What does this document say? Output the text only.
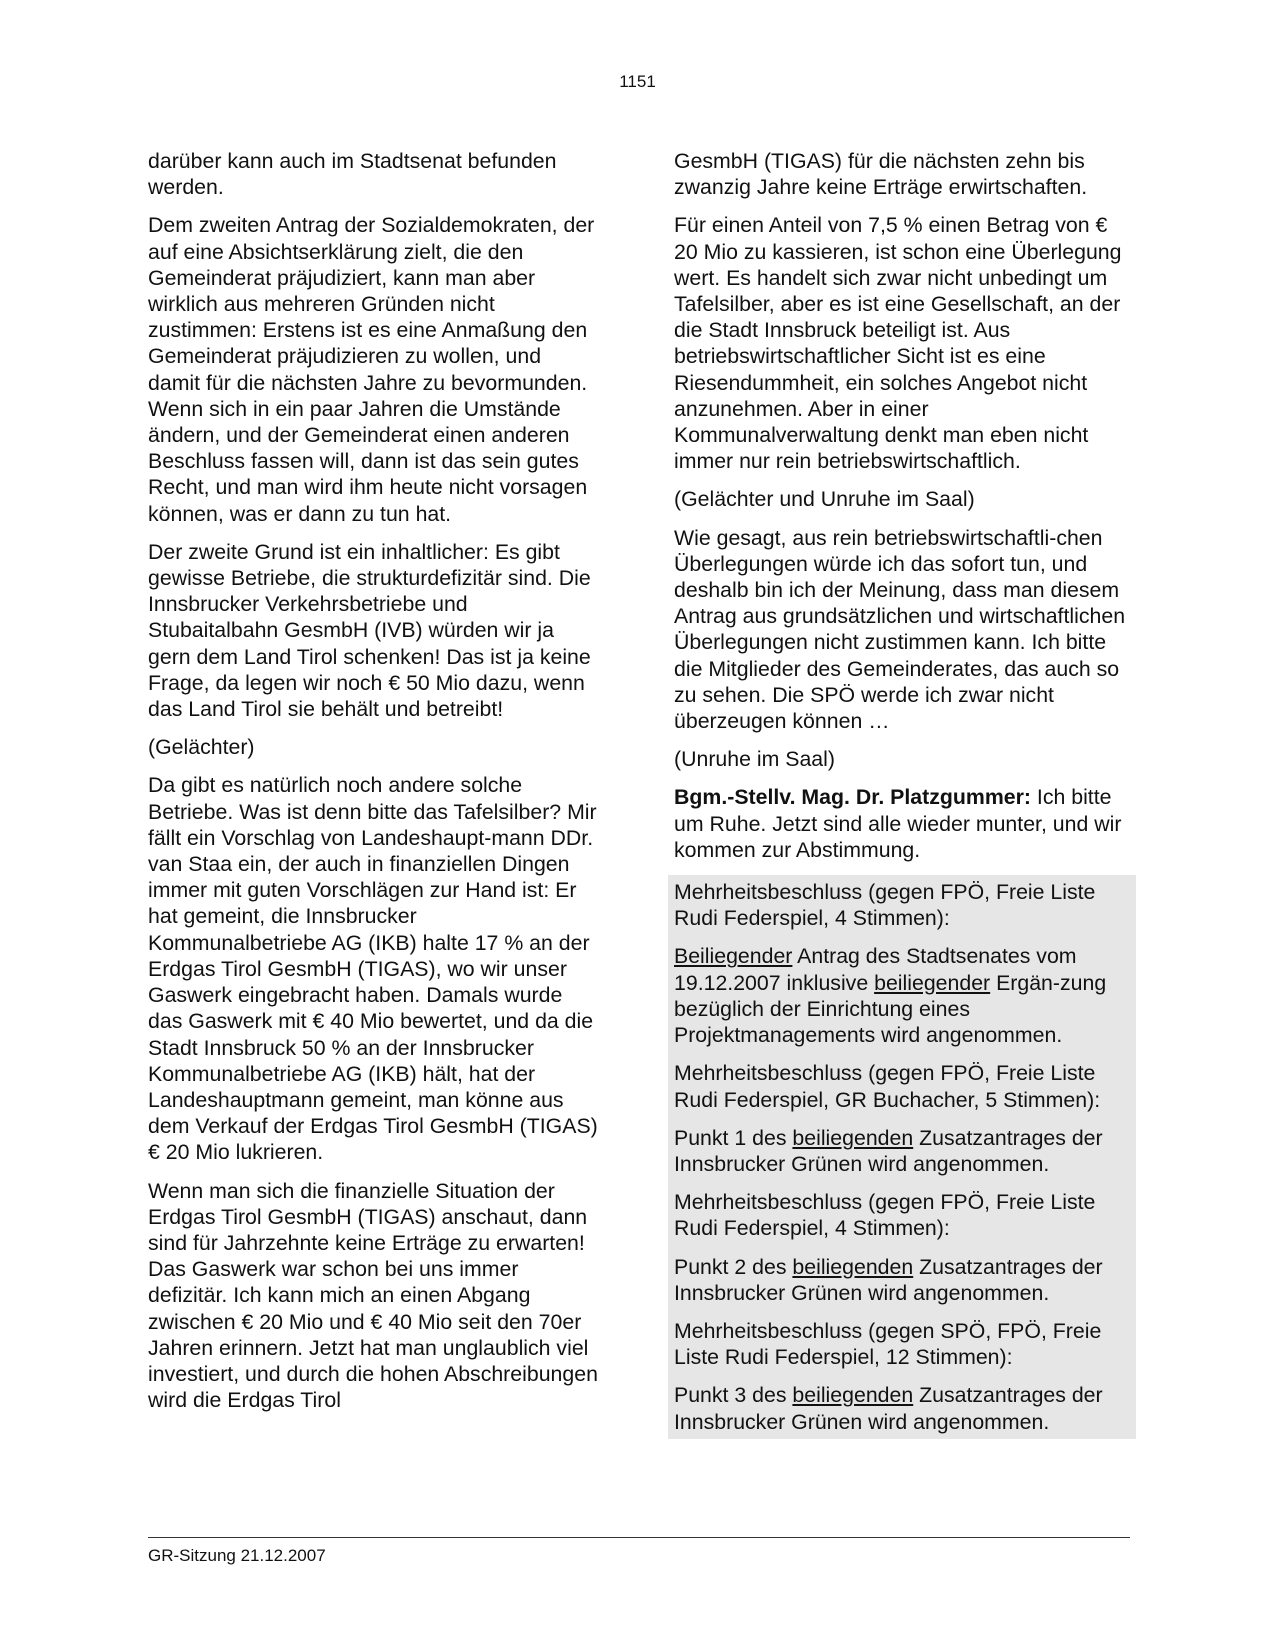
1151

darüber kann auch im Stadtsenat befunden werden.

Dem zweiten Antrag der Sozialdemokraten, der auf eine Absichtserklärung zielt, die den Gemeinderat präjudiziert, kann man aber wirklich aus mehreren Gründen nicht zustimmen: Erstens ist es eine Anmaßung den Gemeinderat präjudizieren zu wollen, und damit für die nächsten Jahre zu bevormunden. Wenn sich in ein paar Jahren die Umstände ändern, und der Gemeinderat einen anderen Beschluss fassen will, dann ist das sein gutes Recht, und man wird ihm heute nicht vorsagen können, was er dann zu tun hat.

Der zweite Grund ist ein inhaltlicher: Es gibt gewisse Betriebe, die strukturdefizitär sind. Die Innsbrucker Verkehrsbetriebe und Stubaitalbahn GesmbH (IVB) würden wir ja gern dem Land Tirol schenken! Das ist ja keine Frage, da legen wir noch € 50 Mio dazu, wenn das Land Tirol sie behält und betreibt!

(Gelächter)

Da gibt es natürlich noch andere solche Betriebe. Was ist denn bitte das Tafelsilber? Mir fällt ein Vorschlag von Landeshaupt-mann DDr. van Staa ein, der auch in finanziellen Dingen immer mit guten Vorschlägen zur Hand ist: Er hat gemeint, die Innsbrucker Kommunalbetriebe AG (IKB) halte 17 % an der Erdgas Tirol GesmbH (TIGAS), wo wir unser Gaswerk eingebracht haben. Damals wurde das Gaswerk mit € 40 Mio bewertet, und da die Stadt Innsbruck 50 % an der Innsbrucker Kommunalbetriebe AG (IKB) hält, hat der Landeshauptmann gemeint, man könne aus dem Verkauf der Erdgas Tirol GesmbH (TIGAS) € 20 Mio lukrieren.

Wenn man sich die finanzielle Situation der Erdgas Tirol GesmbH (TIGAS) anschaut, dann sind für Jahrzehnte keine Erträge zu erwarten! Das Gaswerk war schon bei uns immer defizitär. Ich kann mich an einen Abgang zwischen € 20 Mio und € 40 Mio seit den 70er Jahren erinnern. Jetzt hat man unglaublich viel investiert, und durch die hohen Abschreibungen wird die Erdgas Tirol

GesmbH (TIGAS) für die nächsten zehn bis zwanzig Jahre keine Erträge erwirtschaften.

Für einen Anteil von 7,5 % einen Betrag von € 20 Mio zu kassieren, ist schon eine Überlegung wert. Es handelt sich zwar nicht unbedingt um Tafelsilber, aber es ist eine Gesellschaft, an der die Stadt Innsbruck beteiligt ist. Aus betriebswirtschaftlicher Sicht ist es eine Riesendummheit, ein solches Angebot nicht anzunehmen. Aber in einer Kommunalverwaltung denkt man eben nicht immer nur rein betriebswirtschaftlich.

(Gelächter und Unruhe im Saal)

Wie gesagt, aus rein betriebswirtschaftli-chen Überlegungen würde ich das sofort tun, und deshalb bin ich der Meinung, dass man diesem Antrag aus grundsätzlichen und wirtschaftlichen Überlegungen nicht zustimmen kann. Ich bitte die Mitglieder des Gemeinderates, das auch so zu sehen. Die SPÖ werde ich zwar nicht überzeugen können …

(Unruhe im Saal)

Bgm.-Stellv. Mag. Dr. Platzgummer: Ich bitte um Ruhe. Jetzt sind alle wieder munter, und wir kommen zur Abstimmung.

Mehrheitsbeschluss (gegen FPÖ, Freie Liste Rudi Federspiel, 4 Stimmen):

Beiliegender Antrag des Stadtsenates vom 19.12.2007 inklusive beiliegender Ergän-zung bezüglich der Einrichtung eines Projektmanagements wird angenommen.

Mehrheitsbeschluss (gegen FPÖ, Freie Liste Rudi Federspiel, GR Buchacher, 5 Stimmen):

Punkt 1 des beiliegenden Zusatzantrages der Innsbrucker Grünen wird angenommen.

Mehrheitsbeschluss (gegen FPÖ, Freie Liste Rudi Federspiel, 4 Stimmen):

Punkt 2 des beiliegenden Zusatzantrages der Innsbrucker Grünen wird angenommen.

Mehrheitsbeschluss (gegen SPÖ, FPÖ, Freie Liste Rudi Federspiel, 12 Stimmen):

Punkt 3 des beiliegenden Zusatzantrages der Innsbrucker Grünen wird angenommen.

GR-Sitzung 21.12.2007
